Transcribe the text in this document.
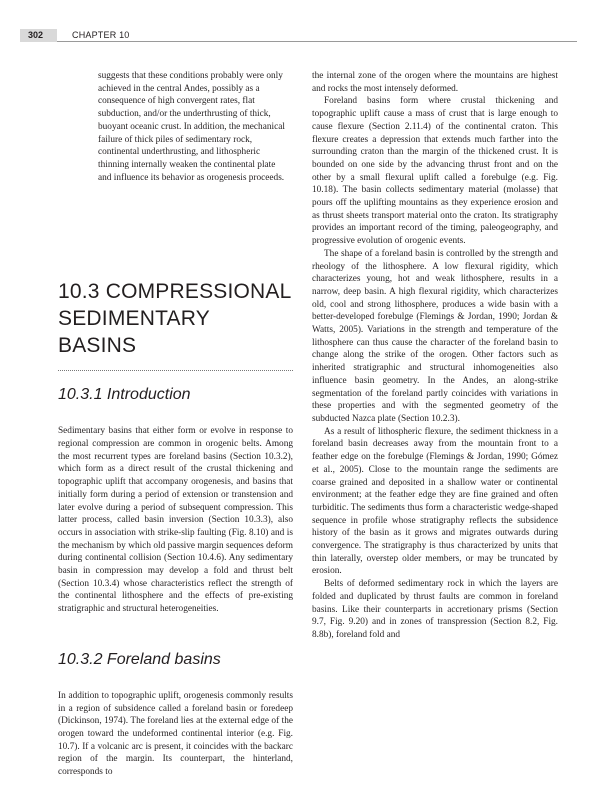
302	CHAPTER 10

suggests that these conditions probably were only achieved in the central Andes, possibly as a consequence of high convergent rates, flat subduction, and/or the underthrusting of thick, buoyant oceanic crust. In addition, the mechanical failure of thick piles of sedimentary rock, continental underthrusting, and lithospheric thinning internally weaken the continental plate and influence its behavior as orogenesis proceeds.

10.3 COMPRESSIONAL SEDIMENTARY BASINS

10.3.1 Introduction

Sedimentary basins that either form or evolve in response to regional compression are common in orogenic belts. Among the most recurrent types are foreland basins (Section 10.3.2), which form as a direct result of the crustal thickening and topographic uplift that accompany orogenesis, and basins that initially form during a period of extension or transtension and later evolve during a period of subsequent compression. This latter process, called basin inversion (Section 10.3.3), also occurs in association with strike-slip faulting (Fig. 8.10) and is the mechanism by which old passive margin sequences deform during continental collision (Section 10.4.6). Any sedimentary basin in compression may develop a fold and thrust belt (Section 10.3.4) whose characteristics reflect the strength of the continental lithosphere and the effects of pre-existing stratigraphic and structural heterogeneities.

10.3.2 Foreland basins

In addition to topographic uplift, orogenesis commonly results in a region of subsidence called a foreland basin or foredeep (Dickinson, 1974). The foreland lies at the external edge of the orogen toward the undeformed continental interior (e.g. Fig. 10.7). If a volcanic arc is present, it coincides with the backarc region of the margin. Its counterpart, the hinterland, corresponds to

the internal zone of the orogen where the mountains are highest and rocks the most intensely deformed.

Foreland basins form where crustal thickening and topographic uplift cause a mass of crust that is large enough to cause flexure (Section 2.11.4) of the continental craton. This flexure creates a depression that extends much farther into the surrounding craton than the margin of the thickened crust. It is bounded on one side by the advancing thrust front and on the other by a small flexural uplift called a forebulge (e.g. Fig. 10.18). The basin collects sedimentary material (molasse) that pours off the uplifting mountains as they experience erosion and as thrust sheets transport material onto the craton. Its stratigraphy provides an important record of the timing, paleogeography, and progressive evolution of orogenic events.

The shape of a foreland basin is controlled by the strength and rheology of the lithosphere. A low flexural rigidity, which characterizes young, hot and weak lithosphere, results in a narrow, deep basin. A high flexural rigidity, which characterizes old, cool and strong lithosphere, produces a wide basin with a better-developed forebulge (Flemings & Jordan, 1990; Jordan & Watts, 2005). Variations in the strength and temperature of the lithosphere can thus cause the character of the foreland basin to change along the strike of the orogen. Other factors such as inherited stratigraphic and structural inhomogeneities also influence basin geometry. In the Andes, an along-strike segmentation of the foreland partly coincides with variations in these properties and with the segmented geometry of the subducted Nazca plate (Section 10.2.3).

As a result of lithospheric flexure, the sediment thickness in a foreland basin decreases away from the mountain front to a feather edge on the forebulge (Flemings & Jordan, 1990; Gómez et al., 2005). Close to the mountain range the sediments are coarse grained and deposited in a shallow water or continental environment; at the feather edge they are fine grained and often turbiditic. The sediments thus form a characteristic wedge-shaped sequence in profile whose stratigraphy reflects the subsidence history of the basin as it grows and migrates outwards during convergence. The stratigraphy is thus characterized by units that thin laterally, overstep older members, or may be truncated by erosion.

Belts of deformed sedimentary rock in which the layers are folded and duplicated by thrust faults are common in foreland basins. Like their counterparts in accretionary prisms (Section 9.7, Fig. 9.20) and in zones of transpression (Section 8.2, Fig. 8.8b), foreland fold and
